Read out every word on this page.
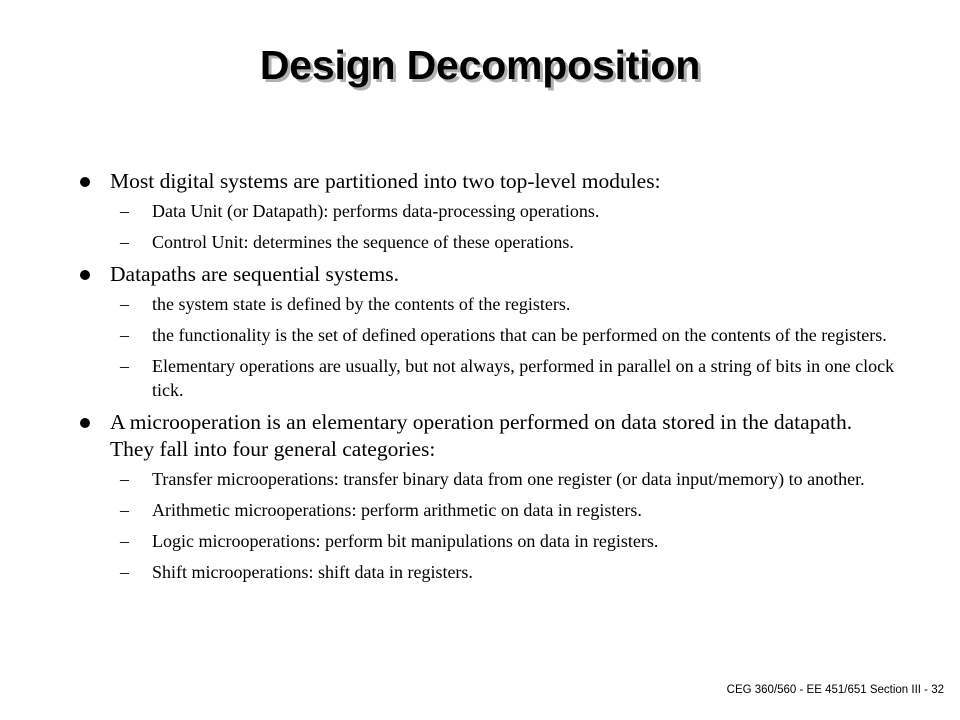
Design Decomposition
Most digital systems are partitioned into two top-level modules:
– Data Unit (or Datapath): performs data-processing operations.
– Control Unit: determines the sequence of these operations.
Datapaths are sequential systems.
– the system state is defined by the contents of the registers.
– the functionality is the set of defined operations that can be performed on the contents of the registers.
– Elementary operations are usually, but not always, performed in parallel on a string of bits in one clock tick.
A microoperation is an elementary operation performed on data stored in the datapath. They fall into four general categories:
– Transfer microoperations: transfer binary data from one register (or data input/memory) to another.
– Arithmetic microoperations: perform arithmetic on data in registers.
– Logic microoperations: perform bit manipulations on data in registers.
– Shift microoperations: shift data in registers.
CEG 360/560 - EE 451/651 Section III - 32
